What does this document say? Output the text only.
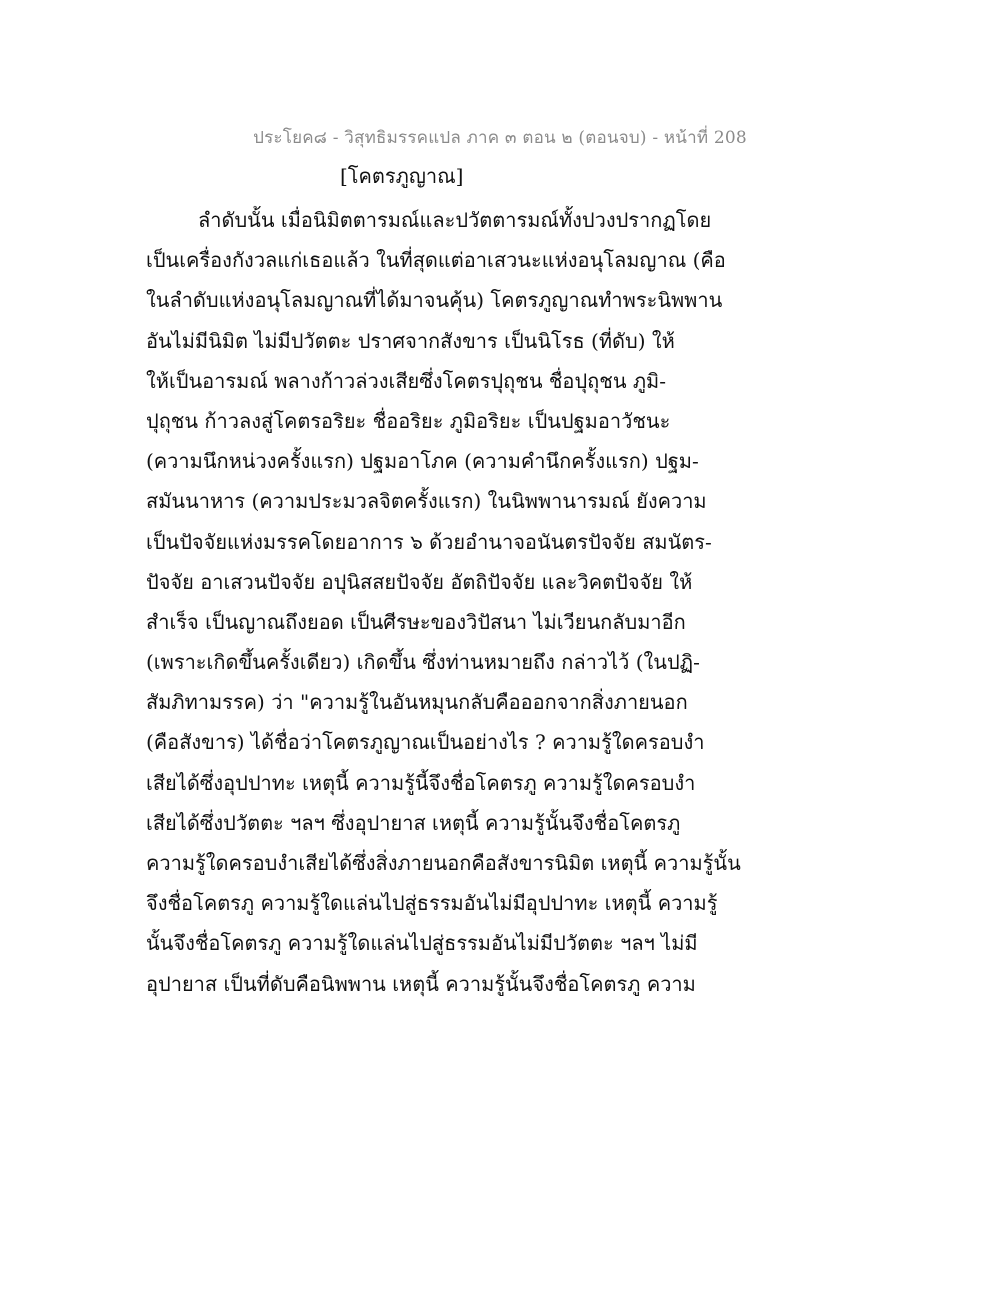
ประโยค๘ - วิสุทธิมรรคแปล ภาค ๓ ตอน ๒ (ตอนจบ) - หน้าที่ 208
[โคตรภูญาณ]
ลำดับนั้น เมื่อนิมิตตารมณ์และปวัตตารมณ์ทั้งปวงปรากฏโดย
เป็นเครื่องกังวลแก่เธอแล้ว ในที่สุดแต่อาเสวนะแห่งอนุโลมญาณ (คือ
ในลำดับแห่งอนุโลมญาณที่ได้มาจนคุ้น) โคตรภูญาณทำพระนิพพาน
อันไม่มีนิมิต ไม่มีปวัตตะ ปราศจากสังขาร เป็นนิโรธ (ที่ดับ) ให้
ให้เป็นอารมณ์ พลางก้าวล่วงเสียซึ่งโคตรปุถุชน ชื่อปุถุชน ภูมิ-
ปุถุชน ก้าวลงสู่โคตรอริยะ ชื่ออริยะ ภูมิอริยะ เป็นปฐมอาวัชนะ
(ความนึกหน่วงครั้งแรก) ปฐมอาโภค (ความคำนึกครั้งแรก) ปฐม-
สมันนาหาร (ความประมวลจิตครั้งแรก) ในนิพพานารมณ์ ยังความ
เป็นปัจจัยแห่งมรรคโดยอาการ ๖ ด้วยอำนาจอนันตรปัจจัย สมนัตร-
ปัจจัย อาเสวนปัจจัย อปุนิสสยปัจจัย อัตถิปัจจัย และวิคตปัจจัย ให้
สำเร็จ เป็นญาณถึงยอด เป็นศีรษะของวิปัสนา ไม่เวียนกลับมาอีก
(เพราะเกิดขึ้นครั้งเดียว) เกิดขึ้น ซึ่งท่านหมายถึง กล่าวไว้ (ในปฏิ-
สัมภิทามรรค) ว่า "ความรู้ในอันหมุนกลับคือออกจากสิ่งภายนอก
(คือสังขาร) ได้ชื่อว่าโคตรภูญาณเป็นอย่างไร ? ความรู้ใดครอบงำ
เสียได้ซึ่งอุปปาทะ เหตุนี้ ความรู้นี้จึงชื่อโคตรภู ความรู้ใดครอบงำ
เสียได้ซึ่งปวัตตะ ฯลฯ ซึ่งอุปายาส เหตุนี้ ความรู้นั้นจึงชื่อโคตรภู
ความรู้ใดครอบงำเสียได้ซึ่งสิ่งภายนอกคือสังขารนิมิต เหตุนี้ ความรู้นั้น
จึงชื่อโคตรภู ความรู้ใดแล่นไปสู่ธรรมอันไม่มีอุปปาทะ เหตุนี้ ความรู้
นั้นจึงชื่อโคตรภู ความรู้ใดแล่นไปสู่ธรรมอันไม่มีปวัตตะ ฯลฯ ไม่มี
อุปายาส เป็นที่ดับคือนิพพาน เหตุนี้ ความรู้นั้นจึงชื่อโคตรภู ความ
